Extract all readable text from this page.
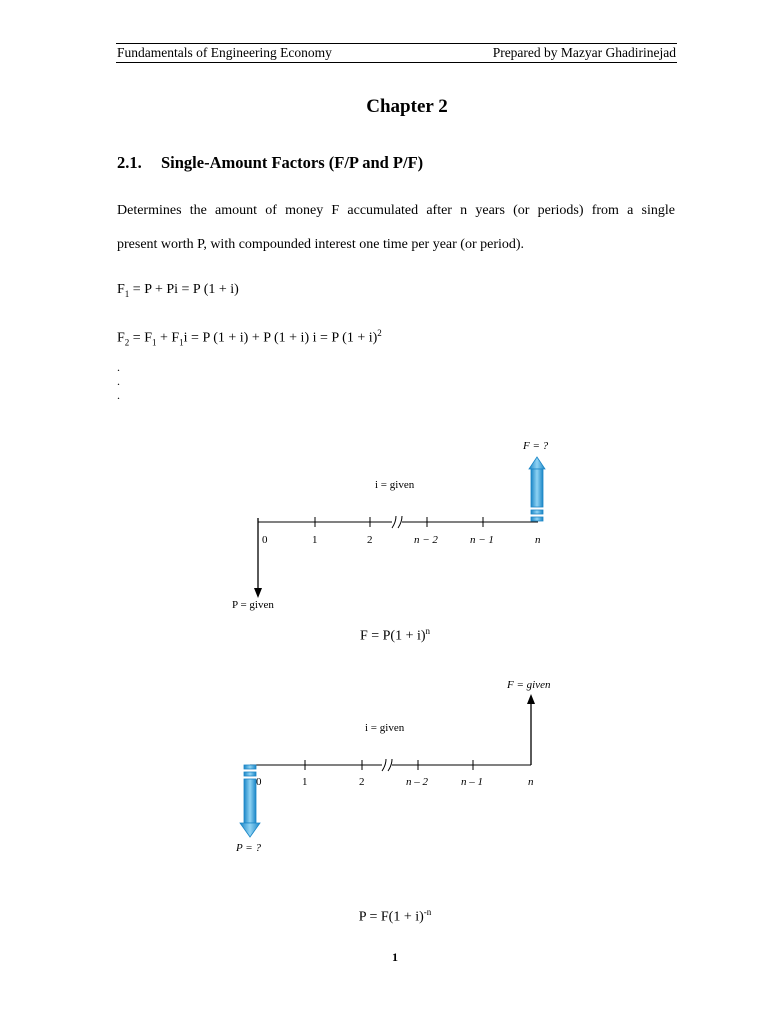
Fundamentals of Engineering Economy	Prepared by Mazyar Ghadirinejad
Chapter 2
2.1. Single-Amount Factors (F/P and P/F)
Determines the amount of money F accumulated after n years (or periods) from a single
present worth P, with compounded interest one time per year (or period).
$F_1 = P + Pi = P$ (1 + i)
$F_2 = F_1 + F_1i = P$ (1 + i) + P (1 + i) i = P $(1 + i)^2$
.
.
.
F = ?
i = given
0	1	2	n − 2	n − 1	n
P = given
$F = P(1 + i)^n$
F = given
i = given
0	1	2	n – 2	n – 1	n
P = ?
$P = F(1 + i)^{-n}$
1
